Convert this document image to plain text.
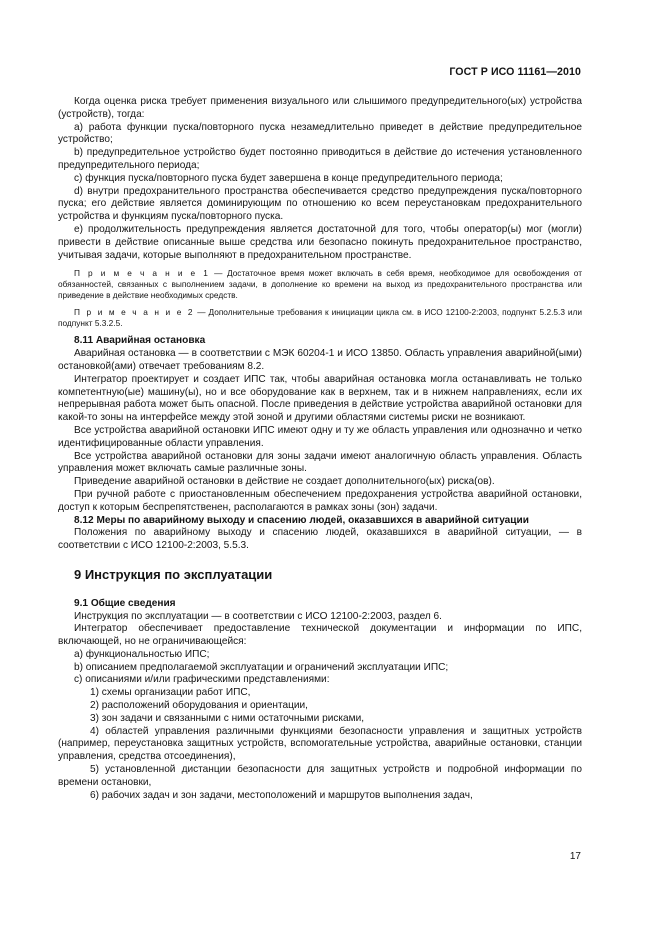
ГОСТ Р ИСО 11161—2010

Когда оценка риска требует применения визуального или слышимого предупредительного(ых) устройства (устройств), тогда:

a) работа функции пуска/повторного пуска незамедлительно приведет в действие предупредительное устройство;

b) предупредительное устройство будет постоянно приводиться в действие до истечения установленного предупредительного периода;

c) функция пуска/повторного пуска будет завершена в конце предупредительного периода;

d) внутри предохранительного пространства обеспечивается средство предупреждения пуска/повторного пуска; его действие является доминирующим по отношению ко всем переустановкам предохранительного устройства и функциям пуска/повторного пуска.

e) продолжительность предупреждения является достаточной для того, чтобы оператор(ы) мог (могли) привести в действие описанные выше средства или безопасно покинуть предохранительное пространство, учитывая задачи, которые выполняют в предохранительном пространстве.

П р и м е ч а н и е 1 — Достаточное время может включать в себя время, необходимое для освобождения от обязанностей, связанных с выполнением задачи, в дополнение ко времени на выход из предохранительного пространства или приведение в действие необходимых средств.

П р и м е ч а н и е 2 — Дополнительные требования к инициации цикла см. в ИСО 12100-2:2003, подпункт 5.2.5.3 или подпункт 5.3.2.5.

8.11 Аварийная остановка

Аварийная остановка — в соответствии с МЭК 60204-1 и ИСО 13850. Область управления аварийной(ыми) остановкой(ами) отвечает требованиям 8.2.

Интегратор проектирует и создает ИПС так, чтобы аварийная остановка могла останавливать не только компетентную(ые) машину(ы), но и все оборудование как в верхнем, так и в нижнем направлениях, если их непрерывная работа может быть опасной. После приведения в действие устройства аварийной остановки для какой-то зоны на интерфейсе между этой зоной и другими областями системы риски не возникают.

Все устройства аварийной остановки ИПС имеют одну и ту же область управления или однозначно и четко идентифицированные области управления.

Все устройства аварийной остановки для зоны задачи имеют аналогичную область управления. Область управления может включать самые различные зоны.

Приведение аварийной остановки в действие не создает дополнительного(ых) риска(ов).

При ручной работе с приостановленным обеспечением предохранения устройства аварийной остановки, доступ к которым беспрепятственен, располагаются в рамках зоны (зон) задачи.

8.12 Меры по аварийному выходу и спасению людей, оказавшихся в аварийной ситуации

Положения по аварийному выходу и спасению людей, оказавшихся в аварийной ситуации, — в соответствии с ИСО 12100-2:2003, 5.5.3.

9 Инструкция по эксплуатации

9.1 Общие сведения

Инструкция по эксплуатации — в соответствии с ИСО 12100-2:2003, раздел 6.

Интегратор обеспечивает предоставление технической документации и информации по ИПС, включающей, но не ограничивающейся:

a) функциональностью ИПС;

b) описанием предполагаемой эксплуатации и ограничений эксплуатации ИПС;

c) описаниями и/или графическими представлениями:

1) схемы организации работ ИПС,

2) расположений оборудования и ориентации,

3) зон задачи и связанными с ними остаточными рисками,

4) областей управления различными функциями безопасности управления и защитных устройств (например, переустановка защитных устройств, вспомогательные устройства, аварийные остановки, станции управления, средства отсоединения),

5) установленной дистанции безопасности для защитных устройств и подробной информации по времени остановки,

6) рабочих задач и зон задачи, местоположений и маршрутов выполнения задач,

17
